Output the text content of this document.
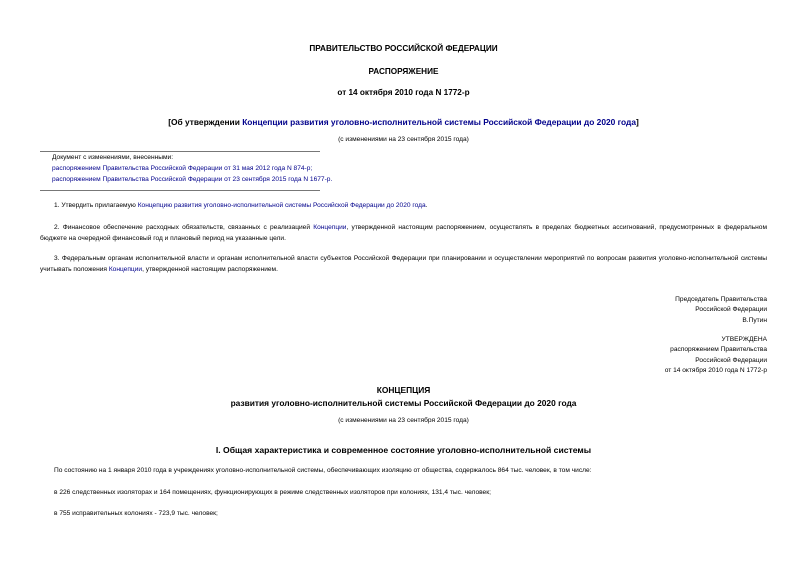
ПРАВИТЕЛЬСТВО РОССИЙСКОЙ ФЕДЕРАЦИИ
РАСПОРЯЖЕНИЕ
от 14 октября 2010 года N 1772-р
[Об утверждении Концепции развития уголовно-исполнительной системы Российской Федерации до 2020 года]
(с изменениями на 23 сентября 2015 года)
Документ с изменениями, внесенными:
распоряжением Правительства Российской Федерации от 31 мая 2012 года N 874-р;
распоряжением Правительства Российской Федерации от 23 сентября 2015 года N 1677-р.
1. Утвердить прилагаемую Концепцию развития уголовно-исполнительной системы Российской Федерации до 2020 года.
2. Финансовое обеспечение расходных обязательств, связанных с реализацией Концепции, утвержденной настоящим распоряжением, осуществлять в пределах бюджетных ассигнований, предусмотренных в федеральном бюджете на очередной финансовый год и плановый период на указанные цели.
3. Федеральным органам исполнительной власти и органам исполнительной власти субъектов Российской Федерации при планировании и осуществлении мероприятий по вопросам развития уголовно-исполнительной системы учитывать положения Концепции, утвержденной настоящим распоряжением.
Председатель Правительства
Российской Федерации
В.Путин
УТВЕРЖДЕНА
распоряжением Правительства
Российской Федерации
от 14 октября 2010 года N 1772-р
КОНЦЕПЦИЯ
развития уголовно-исполнительной системы Российской Федерации до 2020 года
(с изменениями на 23 сентября 2015 года)
I. Общая характеристика и современное состояние уголовно-исполнительной системы
По состоянию на 1 января 2010 года в учреждениях уголовно-исполнительной системы, обеспечивающих изоляцию от общества, содержалось 864 тыс. человек, в том числе:
в 226 следственных изоляторах и 164 помещениях, функционирующих в режиме следственных изоляторов при колониях, 131,4 тыс. человек;
в 755 исправительных колониях - 723,9 тыс. человек;
